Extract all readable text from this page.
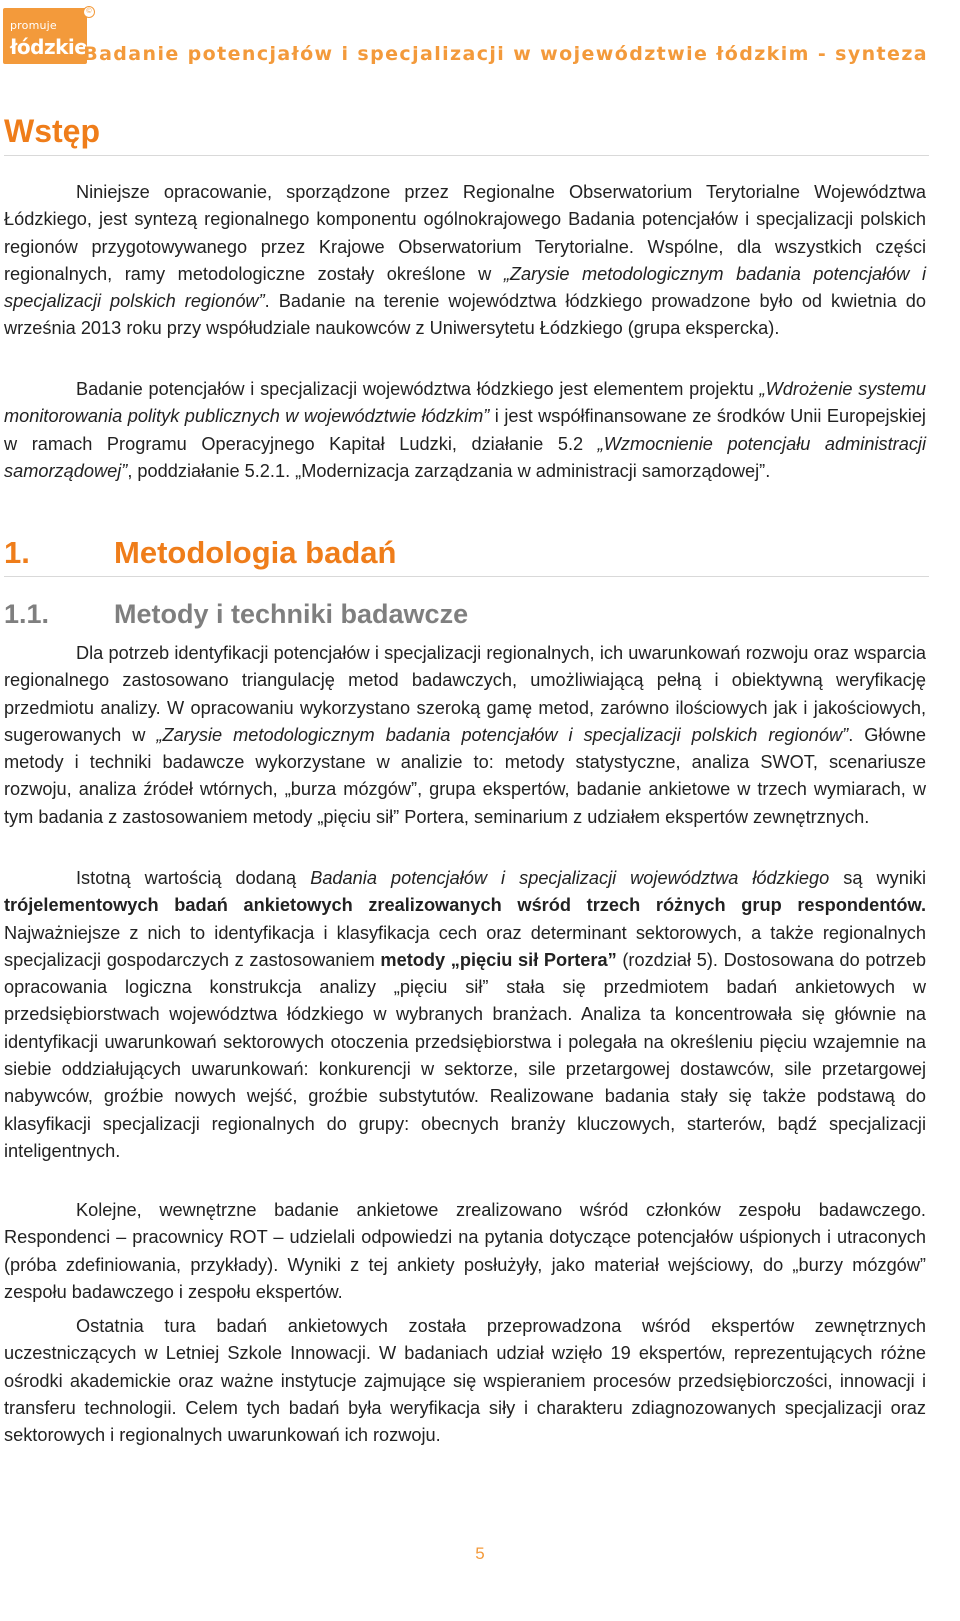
promuje
łódzkie
©
Badanie potencjałów i specjalizacji w województwie łódzkim - synteza
Wstęp

Niniejsze opracowanie, sporządzone przez Regionalne Obserwatorium Terytorialne Województwa Łódzkiego, jest syntezą regionalnego komponentu ogólnokrajowego Badania potencjałów i specjalizacji polskich regionów przygotowywanego przez Krajowe Obserwatorium Terytorialne. Wspólne, dla wszystkich części regionalnych, ramy metodologiczne zostały określone w „Zarysie metodologicznym badania potencjałów i specjalizacji polskich regionów”. Badanie na terenie województwa łódzkiego prowadzone było od kwietnia do września 2013 roku przy współudziale naukowców z Uniwersytetu Łódzkiego (grupa ekspercka).

Badanie potencjałów i specjalizacji województwa łódzkiego jest elementem projektu „Wdrożenie systemu monitorowania polityk publicznych w województwie łódzkim” i jest współfinansowane ze środków Unii Europejskiej w ramach Programu Operacyjnego Kapitał Ludzki, działanie 5.2 „Wzmocnienie potencjału administracji samorządowej”, poddziałanie 5.2.1. „Modernizacja zarządzania w administracji samorządowej”.

1.	Metodologia badań
1.1. Metody i techniki badawcze

Dla potrzeb identyfikacji potencjałów i specjalizacji regionalnych, ich uwarunkowań rozwoju oraz wsparcia regionalnego zastosowano triangulację metod badawczych, umożliwiającą pełną i obiektywną weryfikację przedmiotu analizy. W opracowaniu wykorzystano szeroką gamę metod, zarówno ilościowych jak i jakościowych, sugerowanych w „Zarysie metodologicznym badania potencjałów i specjalizacji polskich regionów”. Główne metody i techniki badawcze wykorzystane w analizie to: metody statystyczne, analiza SWOT, scenariusze rozwoju, analiza źródeł wtórnych, „burza mózgów”, grupa ekspertów, badanie ankietowe w trzech wymiarach, w tym badania z zastosowaniem metody „pięciu sił” Portera, seminarium z udziałem ekspertów zewnętrznych.

Istotną wartością dodaną Badania potencjałów i specjalizacji województwa łódzkiego są wyniki trójelementowych badań ankietowych zrealizowanych wśród trzech różnych grup respondentów. Najważniejsze z nich to identyfikacja i klasyfikacja cech oraz determinant sektorowych, a także regionalnych specjalizacji gospodarczych z zastosowaniem metody „pięciu sił Portera” (rozdział 5). Dostosowana do potrzeb opracowania logiczna konstrukcja analizy „pięciu sił” stała się przedmiotem badań ankietowych w przedsiębiorstwach województwa łódzkiego w wybranych branżach. Analiza ta koncentrowała się głównie na identyfikacji uwarunkowań sektorowych otoczenia przedsiębiorstwa i polegała na określeniu pięciu wzajemnie na siebie oddziałujących uwarunkowań: konkurencji w sektorze, sile przetargowej dostawców, sile przetargowej nabywców, groźbie nowych wejść, groźbie substytutów. Realizowane badania stały się także podstawą do klasyfikacji specjalizacji regionalnych do grupy: obecnych branży kluczowych, starterów, bądź specjalizacji inteligentnych.

Kolejne, wewnętrzne badanie ankietowe zrealizowano wśród członków zespołu badawczego. Respondenci – pracownicy ROT – udzielali odpowiedzi na pytania dotyczące potencjałów uśpionych i utraconych (próba zdefiniowania, przykłady). Wyniki z tej ankiety posłużyły, jako materiał wejściowy, do „burzy mózgów” zespołu badawczego i zespołu ekspertów.

Ostatnia tura badań ankietowych została przeprowadzona wśród ekspertów zewnętrznych uczestniczących w Letniej Szkole Innowacji. W badaniach udział wzięło 19 ekspertów, reprezentujących różne ośrodki akademickie oraz ważne instytucje zajmujące się wspieraniem procesów przedsiębiorczości, innowacji i transferu technologii. Celem tych badań była weryfikacja siły i charakteru zdiagnozowanych specjalizacji oraz sektorowych i regionalnych uwarunkowań ich rozwoju.

5
